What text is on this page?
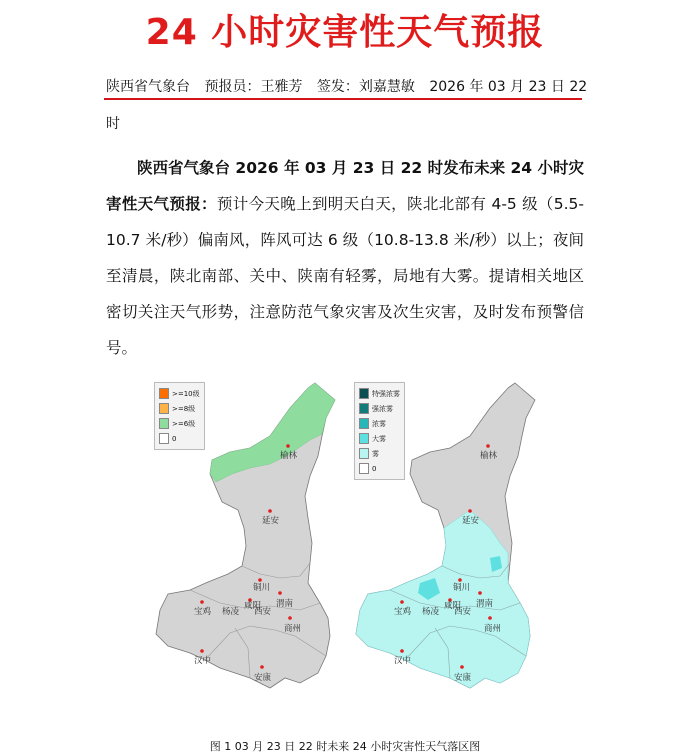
24 小时灾害性天气预报
陕西省气象台 预报员：王雅芳 签发：刘嘉慧敏 2026 年 03 月 23 日 22
时
陕西省气象台 2026 年 03 月 23 日 22 时发布未来 24 小时灾害性天气预报：预计今天晚上到明天白天，陕北北部有 4-5 级（5.5-10.7 米/秒）偏南风，阵风可达 6 级（10.8-13.8 米/秒）以上；夜间至清晨，陕北南部、关中、陕南有轻雾，局地有大雾。提请相关地区密切关注天气形势，注意防范气象灾害及次生灾害，及时发布预警信号。
榆林
延安
铜川
宝鸡 杨凌
咸阳
西安
渭南
商州
汉中
安康
榆林
延安
铜川
宝鸡 杨凌
咸阳
西安
渭南
商州
汉中
安康
>=10级
>=8级
>=6级
0
特强浓雾
强浓雾
浓雾
大雾
雾
0
图 1 03 月 23 日 22 时未来 24 小时灾害性天气落区图
